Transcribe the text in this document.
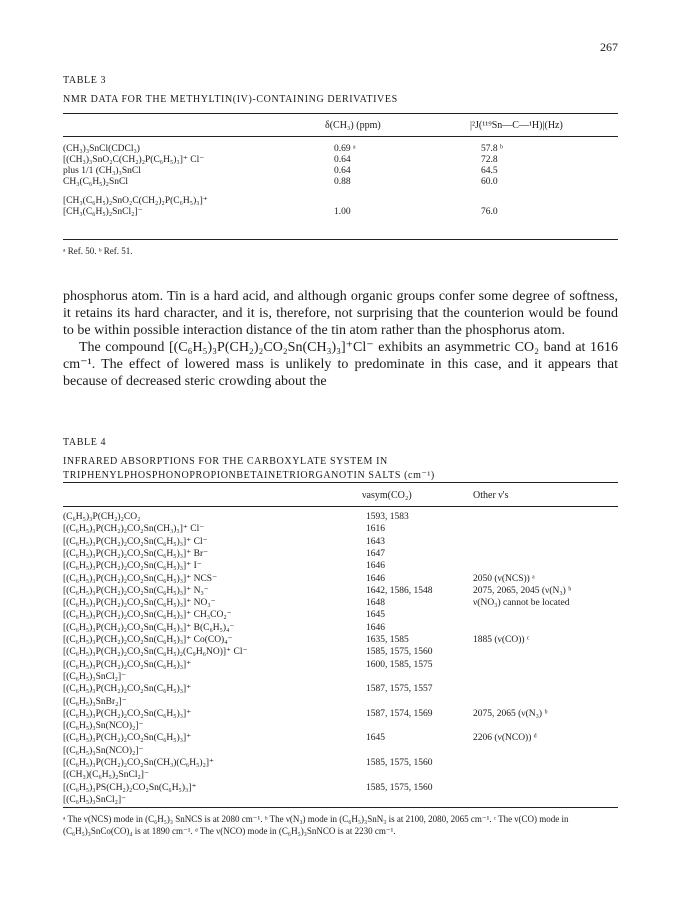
267
TABLE 3
NMR DATA FOR THE METHYLTIN(IV)-CONTAINING DERIVATIVES
δ(CH₃) (ppm)	|²J(¹¹⁹Sn—C—¹H)|(Hz)
(CH₃)₃SnCl(CDCl₃)	0.69 ᵃ	57.8 ᵇ
[(CH₃)₃SnO₂C(CH₂)₂P(C₆H₅)₃]⁺ Cl⁻	0.64	72.8
plus 1/1 (CH₃)₃SnCl	0.64	64.5
CH₃(C₆H₅)₂SnCl	0.88	60.0
[CH₃(C₆H₅)₂SnO₂C(CH₂)₂P(C₆H₅)₃]⁺
[CH₃(C₆H₅)₂SnCl₂]⁻	1.00	76.0
ᵃ Ref. 50. ᵇ Ref. 51.

phosphorus atom. Tin is a hard acid, and although organic groups confer some degree of softness, it retains its hard character, and it is, therefore, not surprising that the counterion would be found to be within possible interaction distance of the tin atom rather than the phosphorus atom.

The compound [(C₆H₅)₃P(CH₂)₂CO₂Sn(CH₃)₃]⁺Cl⁻ exhibits an asymmetric CO₂ band at 1616 cm⁻¹. The effect of lowered mass is unlikely to predominate in this case, and it appears that because of decreased steric crowding about the

TABLE 4
INFRARED ABSORPTIONS FOR THE CARBOXYLATE SYSTEM IN
TRIPHENYLPHOSPHONOPROPIONBETAINETRIORGANOTIN SALTS (cm⁻¹)
νasym(CO₂)	Other ν's
(C₆H₅)₃P(CH₂)₂CO₂	1593, 1583
[(C₆H₅)₃P(CH₂)₂CO₂Sn(CH₃)₃]⁺ Cl⁻	1616
[(C₆H₅)₃P(CH₂)₂CO₂Sn(C₆H₅)₃]⁺ Cl⁻	1643
[(C₆H₅)₃P(CH₂)₂CO₂Sn(C₆H₅)₃]⁺ Br⁻	1647
[(C₆H₅)₃P(CH₂)₂CO₂Sn(C₆H₅)₃]⁺ I⁻	1646
[(C₆H₅)₃P(CH₂)₂CO₂Sn(C₆H₅)₃]⁺ NCS⁻	1646	2050 (ν(NCS)) ᵃ
[(C₆H₅)₃P(CH₂)₂CO₂Sn(C₆H₅)₃]⁺ N₃⁻	1642, 1586, 1548	2075, 2065, 2045 (ν(N₃) ᵇ
[(C₆H₅)₃P(CH₂)₂CO₂Sn(C₆H₅)₃]⁺ NO₃⁻	1648	ν(NO₃) cannot be located
[(C₆H₅)₃P(CH₂)₂CO₂Sn(C₆H₅)₃]⁺ CH₃CO₂⁻	1645
[(C₆H₅)₃P(CH₂)₂CO₂Sn(C₆H₅)₃]⁺ B(C₆H₅)₄⁻	1646
[(C₆H₅)₃P(CH₂)₂CO₂Sn(C₆H₅)₃]⁺ Co(CO)₄⁻	1635, 1585	1885 (ν(CO)) ᶜ
[(C₆H₅)₃P(CH₂)₂CO₂Sn(C₆H₅)₂(C₉H₆NO)]⁺ Cl⁻	1585, 1575, 1560
[(C₆H₅)₃P(CH₂)₂CO₂Sn(C₆H₅)₃]⁺	1600, 1585, 1575
[(C₆H₅)₃SnCl₂]⁻
[(C₆H₅)₃P(CH₂)₂CO₂Sn(C₆H₅)₃]⁺	1587, 1575, 1557
[(C₆H₅)₃SnBr₂]⁻
[(C₆H₅)₃P(CH₂)₂CO₂Sn(C₆H₅)₃]⁺	1587, 1574, 1569	2075, 2065 (ν(N₃) ᵇ
[(C₆H₅)₃Sn(NCO)₂]⁻
[(C₆H₅)₃P(CH₂)₂CO₂Sn(C₆H₅)₃]⁺	1645	2206 (ν(NCO)) ᵈ
[(C₆H₅)₃Sn(NCO)₂]⁻
[(C₆H₅)₃P(CH₂)₂CO₂Sn(CH₃)(C₆H₅)₂]⁺	1585, 1575, 1560
[(CH₃)(C₆H₅)₂SnCl₂]⁻
[(C₆H₅)₃PS(CH₂)₂CO₂Sn(C₆H₅)₃]⁺	1585, 1575, 1560
[(C₆H₅)₃SnCl₂]⁻
ᵃ The ν(NCS) mode in (C₆H₅)₃ SnNCS is at 2080 cm⁻¹. ᵇ The ν(N₃) mode in (C₆H₅)₃SnN₃ is at 2100, 2080, 2065 cm⁻¹. ᶜ The ν(CO) mode in (C₆H₅)₃SnCo(CO)₄ is at 1890 cm⁻¹. ᵈ The ν(NCO) mode in (C₆H₅)₃SnNCO is at 2230 cm⁻¹.
